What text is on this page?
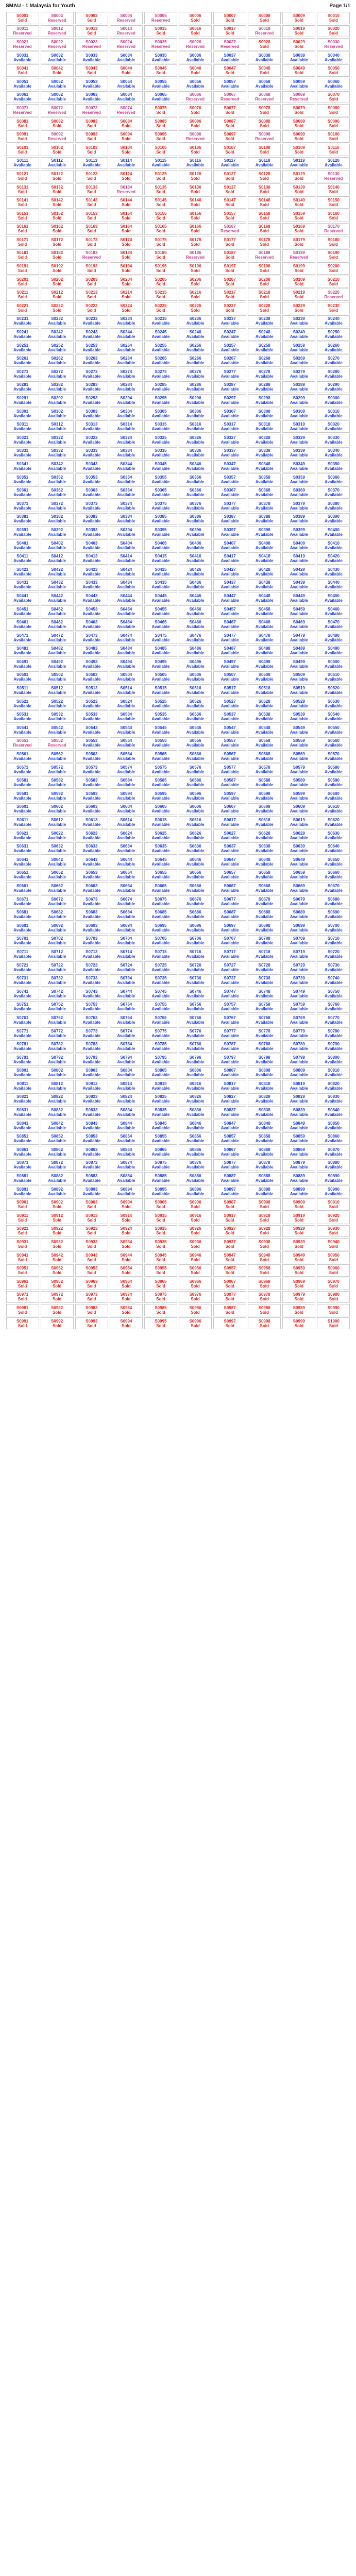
SMAU - 1 Malaysia for Youth	Page 1/1
S0001
Sold
S0002
Reserved
S0003
Sold
S0004
Reserved
S0005
Reserved
S0006
Sold
S0007
Sold
S0008
Sold
S0009
Sold
S0010
Sold
S0011
Reserved
S0012
Reserved
S0013
Sold
S0014
Reserved
S0015
Sold
S0016
Sold
S0017
Sold
S0018
Reserved
S0019
Sold
S0020
Sold
S0021
Reserved
S0022
Reserved
S0023
Reserved
S0024
Reserved
S0025
Reserved
S0026
Reserved
S0027
Reserved
S0028
Sold
S0029
Sold
S0030
Reserved
S0031
Available
S0032
Available
S0033
Available
S0034
Available
S0035
Available
S0036
Available
S0037
Available
S0038
Available
S0039
Available
S0040
Available
S0041
Sold
S0042
Sold
S0043
Sold
S0044
Sold
S0045
Sold
S0046
Sold
S0047
Sold
S0048
Sold
S0049
Sold
S0050
Sold
S0051
Available
S0052
Available
S0053
Available
S0054
Available
S0055
Available
S0056
Available
S0057
Available
S0058
Available
S0059
Available
S0060
Available
S0061
Available
S0062
Available
S0063
Available
S0064
Available
S0065
Available
S0066
Reserved
S0067
Reserved
S0068
Reserved
S0069
Reserved
S0070
Sold
S0071
Reserved
S0072
Reserved
S0073
Reserved
S0074
Reserved
S0075
Sold
S0076
Sold
S0077
Sold
S0078
Sold
S0079
Sold
S0080
Sold
S0081
Sold
S0082
Sold
S0083
Sold
S0084
Sold
S0085
Sold
S0086
Sold
S0087
Sold
S0088
Sold
S0089
Sold
S0090
Sold
S0091
Sold
S0092
Reserved
S0093
Sold
S0094
Sold
S0095
Sold
S0096
Reserved
S0097
Sold
S0098
Reserved
S0099
Sold
S0100
Sold
S0101
Sold
S0102
Sold
S0103
Sold
S0104
Sold
S0105
Sold
S0106
Sold
S0107
Sold
S0108
Sold
S0109
Sold
S0110
Sold
S0111
Available
S0112
Available
S0113
Available
S0114
Available
S0115
Available
S0116
Available
S0117
Available
S0118
Available
S0119
Available
S0120
Available
S0121
Sold
S0122
Sold
S0123
Sold
S0124
Sold
S0125
Sold
S0126
Sold
S0127
Sold
S0128
Sold
S0129
Sold
S0130
Reserved
S0131
Sold
S0132
Sold
S0133
Sold
S0134
Reserved
S0135
Sold
S0136
Sold
S0137
Sold
S0138
Sold
S0139
Sold
S0140
Sold
S0141
Sold
S0142
Sold
S0143
Sold
S0144
Sold
S0145
Sold
S0146
Sold
S0147
Sold
S0148
Sold
S0149
Sold
S0150
Sold
S0151
Sold
S0152
Sold
S0153
Sold
S0154
Sold
S0155
Sold
S0156
Sold
S0157
Sold
S0158
Sold
S0159
Sold
S0160
Sold
S0161
Sold
S0162
Sold
S0163
Sold
S0164
Sold
S0165
Sold
S0166
Sold
S0167
Reserved
S0168
Sold
S0169
Sold
S0170
Reserved
S0171
Sold
S0172
Sold
S0173
Sold
S0174
Sold
S0175
Sold
S0176
Sold
S0177
Sold
S0178
Sold
S0179
Sold
S0180
Sold
S0181
Sold
S0182
Sold
S0183
Reserved
S0184
Sold
S0185
Sold
S0186
Reserved
S0187
Sold
S0188
Reserved
S0189
Reserved
S0190
Sold
S0191
Sold
S0192
Sold
S0193
Sold
S0194
Sold
S0195
Sold
S0196
Sold
S0197
Sold
S0198
Sold
S0199
Sold
S0200
Sold
S0201
Sold
S0202
Sold
S0203
Sold
S0204
Sold
S0205
Sold
S0206
Sold
S0207
Sold
S0208
Sold
S0209
Sold
S0210
Sold
S0211
Sold
S0212
Sold
S0213
Sold
S0214
Sold
S0215
Sold
S0216
Sold
S0217
Sold
S0218
Sold
S0219
Sold
S0220
Reserved
S0221
Sold
S0222
Sold
S0223
Sold
S0224
Sold
S0225
Sold
S0226
Sold
S0227
Sold
S0228
Sold
S0229
Sold
S0230
Sold
S0231
Available
S0232
Available
S0233
Available
S0234
Available
S0235
Available
S0236
Available
S0237
Available
S0238
Available
S0239
Available
S0240
Available
S0241
Available
S0242
Available
S0243
Available
S0244
Available
S0245
Available
S0246
Available
S0247
Available
S0248
Available
S0249
Available
S0250
Available
S0251
Available
S0252
Available
S0253
Available
S0254
Available
S0255
Available
S0256
Available
S0257
Available
S0258
Available
S0259
Available
S0260
Available
S0261
Available
S0262
Available
S0263
Available
S0264
Available
S0265
Available
S0266
Available
S0267
Available
S0268
Available
S0269
Available
S0270
Available
S0271
Available
S0272
Available
S0273
Available
S0274
Available
S0275
Available
S0276
Available
S0277
Available
S0278
Available
S0279
Available
S0280
Available
S0281
Available
S0282
Available
S0283
Available
S0284
Available
S0285
Available
S0286
Available
S0287
Available
S0288
Available
S0289
Available
S0290
Available
S0291
Available
S0292
Available
S0293
Available
S0294
Available
S0295
Available
S0296
Available
S0297
Available
S0298
Available
S0299
Available
S0300
Available
S0301
Available
S0302
Available
S0303
Available
S0304
Available
S0305
Available
S0306
Available
S0307
Available
S0308
Available
S0309
Available
S0310
Available
S0311
Available
S0312
Available
S0313
Available
S0314
Available
S0315
Available
S0316
Available
S0317
Available
S0318
Available
S0319
Available
S0320
Available
S0321
Available
S0322
Available
S0323
Available
S0324
Available
S0325
Available
S0326
Available
S0327
Available
S0328
Available
S0329
Available
S0330
Available
S0331
Available
S0332
Available
S0333
Available
S0334
Available
S0335
Available
S0336
Available
S0337
Available
S0338
Available
S0339
Available
S0340
Available
S0341
Available
S0342
Available
S0343
Available
S0344
Available
S0345
Available
S0346
Available
S0347
Available
S0348
Available
S0349
Available
S0350
Available
S0351
Available
S0352
Available
S0353
Available
S0354
Available
S0355
Available
S0356
Available
S0357
Available
S0358
Available
S0359
Available
S0360
Available
S0361
Available
S0362
Available
S0363
Available
S0364
Available
S0365
Available
S0366
Available
S0367
Available
S0368
Available
S0369
Available
S0370
Available
S0371
Available
S0372
Available
S0373
Available
S0374
Available
S0375
Available
S0376
Available
S0377
Available
S0378
Available
S0379
Available
S0380
Available
S0381
Available
S0382
Available
S0383
Available
S0384
Available
S0385
Available
S0386
Available
S0387
Available
S0388
Available
S0389
Available
S0390
Available
S0391
Available
S0392
Available
S0393
Available
S0394
Available
S0395
Available
S0396
Available
S0397
Available
S0398
Available
S0399
Available
S0400
Available
S0401
Available
S0402
Available
S0403
Available
S0404
Available
S0405
Available
S0406
Available
S0407
Available
S0408
Available
S0409
Available
S0410
Available
S0411
Available
S0412
Available
S0413
Available
S0414
Available
S0415
Available
S0416
Available
S0417
Available
S0418
Available
S0419
Available
S0420
Available
S0421
Available
S0422
Available
S0423
Available
S0424
Available
S0425
Available
S0426
Available
S0427
Available
S0428
Available
S0429
Available
S0430
Available
S0431
Available
S0432
Available
S0433
Available
S0434
Available
S0435
Available
S0436
Available
S0437
Available
S0438
Available
S0439
Available
S0440
Available
S0441
Available
S0442
Available
S0443
Available
S0444
Available
S0445
Available
S0446
Available
S0447
Available
S0448
Available
S0449
Available
S0450
Available
S0451
Available
S0452
Available
S0453
Available
S0454
Available
S0455
Available
S0456
Available
S0457
Available
S0458
Available
S0459
Available
S0460
Available
S0461
Available
S0462
Available
S0463
Available
S0464
Available
S0465
Available
S0466
Available
S0467
Available
S0468
Available
S0469
Available
S0470
Available
S0471
Available
S0472
Available
S0473
Available
S0474
Available
S0475
Available
S0476
Available
S0477
Available
S0478
Available
S0479
Available
S0480
Available
S0481
Available
S0482
Available
S0483
Available
S0484
Available
S0485
Available
S0486
Available
S0487
Available
S0488
Available
S0489
Available
S0490
Available
S0491
Available
S0492
Available
S0493
Available
S0494
Available
S0495
Available
S0496
Available
S0497
Available
S0498
Available
S0499
Available
S0500
Available
S0501
Available
S0502
Available
S0503
Available
S0504
Available
S0505
Available
S0506
Available
S0507
Available
S0508
Available
S0509
Available
S0510
Available
S0511
Available
S0512
Available
S0513
Available
S0514
Available
S0515
Available
S0516
Available
S0517
Available
S0518
Available
S0519
Available
S0520
Available
S0521
Available
S0522
Available
S0523
Available
S0524
Available
S0525
Available
S0526
Available
S0527
Available
S0528
Available
S0529
Available
S0530
Available
S0531
Available
S0532
Available
S0533
Available
S0534
Available
S0535
Available
S0536
Available
S0537
Available
S0538
Available
S0539
Available
S0540
Available
S0541
Available
S0542
Available
S0543
Available
S0544
Available
S0545
Available
S0546
Available
S0547
Available
S0548
Available
S0549
Available
S0550
Available
S0551
Reserved
S0552
Reserved
S0553
Available
S0554
Available
S0555
Available
S0556
Available
S0557
Available
S0558
Available
S0559
Available
S0560
Available
S0561
Available
S0562
Available
S0563
Available
S0564
Available
S0565
Available
S0566
Available
S0567
Available
S0568
Available
S0569
Available
S0570
Available
S0571
Available
S0572
Available
S0573
Available
S0574
Available
S0575
Available
S0576
Available
S0577
Available
S0578
Available
S0579
Available
S0580
Available
S0581
Available
S0582
Available
S0583
Available
S0584
Available
S0585
Available
S0586
Available
S0587
Available
S0588
Available
S0589
Available
S0590
Available
S0591
Available
S0592
Available
S0593
Available
S0594
Available
S0595
Available
S0596
Available
S0597
Available
S0598
Available
S0599
Available
S0600
Available
S0601
Available
S0602
Available
S0603
Available
S0604
Available
S0605
Available
S0606
Available
S0607
Available
S0608
Available
S0609
Available
S0610
Available
S0611
Available
S0612
Available
S0613
Available
S0614
Available
S0615
Available
S0616
Available
S0617
Available
S0618
Available
S0619
Available
S0620
Available
S0621
Available
S0622
Available
S0623
Available
S0624
Available
S0625
Available
S0626
Available
S0627
Available
S0628
Available
S0629
Available
S0630
Available
S0631
Available
S0632
Available
S0633
Available
S0634
Available
S0635
Available
S0636
Available
S0637
Available
S0638
Available
S0639
Available
S0640
Available
S0641
Available
S0642
Available
S0643
Available
S0644
Available
S0645
Available
S0646
Available
S0647
Available
S0648
Available
S0649
Available
S0650
Available
S0651
Available
S0652
Available
S0653
Available
S0654
Available
S0655
Available
S0656
Available
S0657
Available
S0658
Available
S0659
Available
S0660
Available
S0661
Available
S0662
Available
S0663
Available
S0664
Available
S0665
Available
S0666
Available
S0667
Available
S0668
Available
S0669
Available
S0670
Available
S0671
Available
S0672
Available
S0673
Available
S0674
Available
S0675
Available
S0676
Available
S0677
Available
S0678
Available
S0679
Available
S0680
Available
S0681
Available
S0682
Available
S0683
Available
S0684
Available
S0685
Available
S0686
Available
S0687
Available
S0688
Available
S0689
Available
S0690
Available
S0691
Available
S0692
Available
S0693
Available
S0694
Available
S0695
Available
S0696
Available
S0697
Available
S0698
Available
S0699
Available
S0700
Available
S0701
Available
S0702
Available
S0703
Available
S0704
Available
S0705
Available
S0706
Available
S0707
Available
S0708
Available
S0709
Available
S0710
Available
S0711
Available
S0712
Available
S0713
Available
S0714
Available
S0715
Available
S0716
Available
S0717
Available
S0718
Available
S0719
Available
S0720
Available
S0721
Available
S0722
Available
S0723
Available
S0724
Available
S0725
Available
S0726
Available
S0727
Available
S0728
Available
S0729
Available
S0730
Available
S0731
Available
S0732
Available
S0733
Available
S0734
Available
S0735
Available
S0736
Available
S0737
Available
S0738
Available
S0739
Available
S0740
Available
S0741
Available
S0742
Available
S0743
Available
S0744
Available
S0745
Available
S0746
Available
S0747
Available
S0748
Available
S0749
Available
S0750
Available
S0751
Available
S0752
Available
S0753
Available
S0754
Available
S0755
Available
S0756
Available
S0757
Available
S0758
Available
S0759
Available
S0760
Available
S0761
Available
S0762
Available
S0763
Available
S0764
Available
S0765
Available
S0766
Available
S0767
Available
S0768
Available
S0769
Available
S0770
Available
S0771
Available
S0772
Available
S0773
Available
S0774
Available
S0775
Available
S0776
Available
S0777
Available
S0778
Available
S0779
Available
S0780
Available
S0781
Available
S0782
Available
S0783
Available
S0784
Available
S0785
Available
S0786
Available
S0787
Available
S0788
Available
S0789
Available
S0790
Available
S0791
Available
S0792
Available
S0793
Available
S0794
Available
S0795
Available
S0796
Available
S0797
Available
S0798
Available
S0799
Available
S0800
Available
S0801
Available
S0802
Available
S0803
Available
S0804
Available
S0805
Available
S0806
Available
S0807
Available
S0808
Available
S0809
Available
S0810
Available
S0811
Available
S0812
Available
S0813
Available
S0814
Available
S0815
Available
S0816
Available
S0817
Available
S0818
Available
S0819
Available
S0820
Available
S0821
Available
S0822
Available
S0823
Available
S0824
Available
S0825
Available
S0826
Available
S0827
Available
S0828
Available
S0829
Available
S0830
Available
S0831
Available
S0832
Available
S0833
Available
S0834
Available
S0835
Available
S0836
Available
S0837
Available
S0838
Available
S0839
Available
S0840
Available
S0841
Available
S0842
Available
S0843
Available
S0844
Available
S0845
Available
S0846
Available
S0847
Available
S0848
Available
S0849
Available
S0850
Available
S0851
Available
S0852
Available
S0853
Available
S0854
Available
S0855
Available
S0856
Available
S0857
Available
S0858
Available
S0859
Available
S0860
Available
S0861
Available
S0862
Available
S0863
Available
S0864
Available
S0865
Available
S0866
Available
S0867
Available
S0868
Available
S0869
Available
S0870
Available
S0871
Available
S0872
Available
S0873
Available
S0874
Available
S0875
Available
S0876
Available
S0877
Available
S0878
Available
S0879
Available
S0880
Available
S0881
Available
S0882
Available
S0883
Available
S0884
Available
S0885
Available
S0886
Available
S0887
Available
S0888
Available
S0889
Available
S0890
Available
S0891
Available
S0892
Available
S0893
Available
S0894
Available
S0895
Available
S0896
Available
S0897
Available
S0898
Available
S0899
Available
S0900
Available
S0901
Sold
S0902
Sold
S0903
Sold
S0904
Sold
S0905
Sold
S0906
Sold
S0907
Sold
S0908
Sold
S0909
Sold
S0910
Sold
S0911
Sold
S0912
Sold
S0913
Sold
S0914
Sold
S0915
Sold
S0916
Sold
S0917
Sold
S0918
Sold
S0919
Sold
S0920
Sold
S0921
Sold
S0922
Sold
S0923
Sold
S0924
Sold
S0925
Sold
S0926
Sold
S0927
Sold
S0928
Sold
S0929
Sold
S0930
Sold
S0931
Sold
S0932
Sold
S0933
Sold
S0934
Sold
S0935
Sold
S0936
Sold
S0937
Sold
S0938
Sold
S0939
Sold
S0940
Sold
S0941
Sold
S0942
Sold
S0943
Sold
S0944
Sold
S0945
Sold
S0946
Sold
S0947
Sold
S0948
Sold
S0949
Sold
S0950
Sold
S0951
Sold
S0952
Sold
S0953
Sold
S0954
Sold
S0955
Sold
S0956
Sold
S0957
Sold
S0958
Sold
S0959
Sold
S0960
Sold
S0961
Sold
S0962
Sold
S0963
Sold
S0964
Sold
S0965
Sold
S0966
Sold
S0967
Sold
S0968
Sold
S0969
Sold
S0970
Sold
S0971
Sold
S0972
Sold
S0973
Sold
S0974
Sold
S0975
Sold
S0976
Sold
S0977
Sold
S0978
Sold
S0979
Sold
S0980
Sold
S0981
Sold
S0982
Sold
S0983
Sold
S0984
Sold
S0985
Sold
S0986
Sold
S0987
Sold
S0988
Sold
S0989
Sold
S0990
Sold
S0991
Sold
S0992
Sold
S0993
Sold
S0994
Sold
S0995
Sold
S0996
Sold
S0997
Sold
S0998
Sold
S0999
Sold
S1000
Sold
